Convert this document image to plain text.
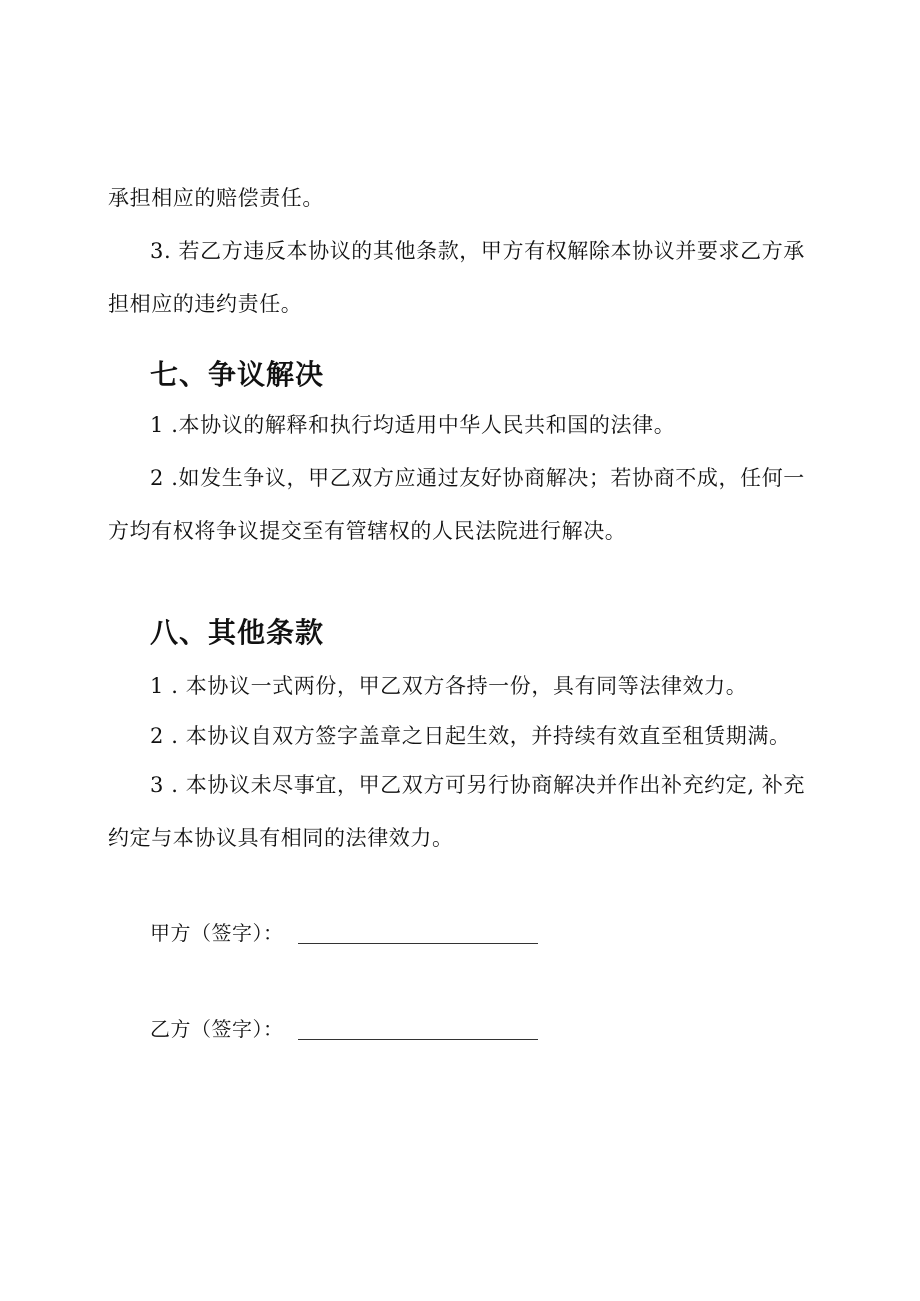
承担相应的赔偿责任。

3. 若乙方违反本协议的其他条款，甲方有权解除本协议并要求乙方承担相应的违约责任。

七、争议解决

1 .本协议的解释和执行均适用中华人民共和国的法律。

2 .如发生争议，甲乙双方应通过友好协商解决；若协商不成，任何一方均有权将争议提交至有管辖权的人民法院进行解决。

八、其他条款

1 . 本协议一式两份，甲乙双方各持一份，具有同等法律效力。

2 . 本协议自双方签字盖章之日起生效，并持续有效直至租赁期满。

3 . 本协议未尽事宜，甲乙双方可另行协商解决并作出补充约定, 补充约定与本协议具有相同的法律效力。

甲方（签字）：
乙方（签字）：
